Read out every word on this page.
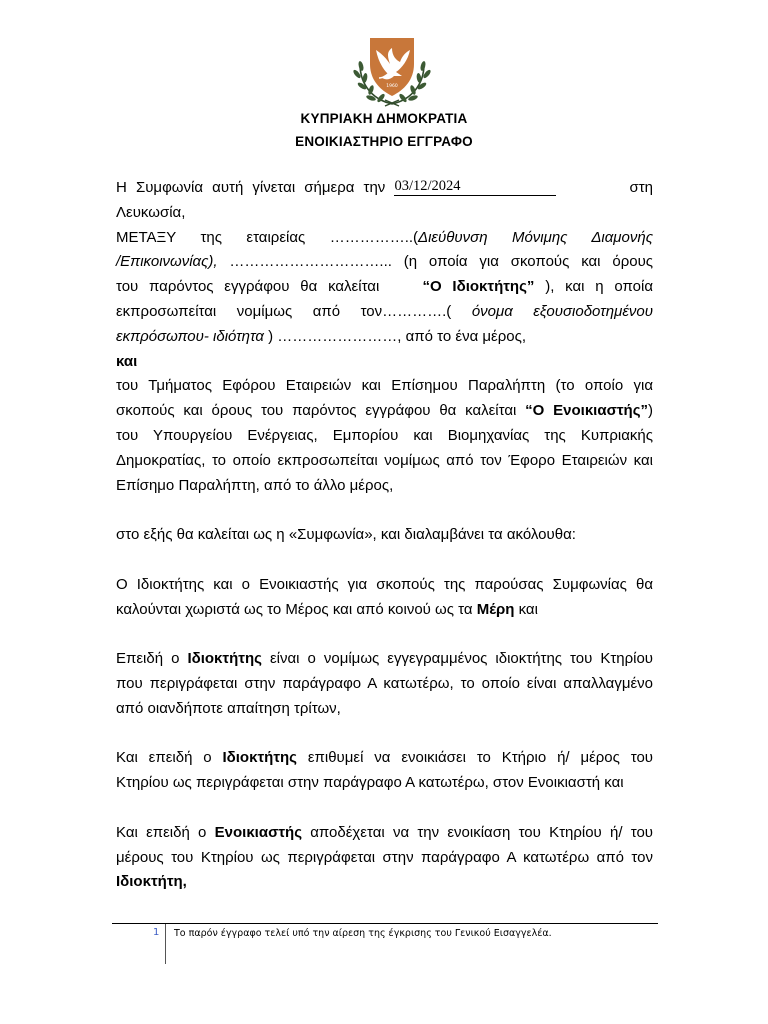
1960
ΚΥΠΡΙΑΚΗ ΔΗΜΟΚΡΑΤΙΑ
ΕΝΟΙΚΙΑΣΤΗΡΙΟ ΕΓΓΡΑΦΟ

Η Συμφωνία αυτή γίνεται σήμερα την 03/12/2024	στη

Λευκωσία,

ΜΕΤΑΞΥ της εταιρείας ……………..(Διεύθυνση Μόνιμης Διαμονής

/Επικοινωνίας), …………………………... (η οποία για σκοπούς και όρους

του παρόντος εγγράφου θα καλείται	“Ο Ιδιοκτήτης” ), και η οποία

εκπροσωπείται νομίμως από τον………….( όνομα εξουσιοδοτημένου

εκπρόσωπου- ιδιότητα ) ……………………, από το ένα μέρος,

και

του Τμήματος Εφόρου Εταιρειών και Επίσημου Παραλήπτη (το οποίο για

σκοπούς και όρους του παρόντος εγγράφου θα καλείται “Ο Ενοικιαστής”)

του Υπουργείου Ενέργειας, Εμπορίου και Βιομηχανίας της Κυπριακής

Δημοκρατίας, το οποίο εκπροσωπείται νομίμως από τον Έφορο Εταιρειών και

Επίσημο Παραλήπτη, από το άλλο μέρος,

στο εξής θα καλείται ως η «Συμφωνία», και διαλαμβάνει τα ακόλουθα:

Ο Ιδιοκτήτης και ο Ενοικιαστής για σκοπούς της παρούσας Συμφωνίας θα

καλούνται χωριστά ως το Μέρος και από κοινού ως τα Μέρη και

Επειδή ο Ιδιοκτήτης είναι ο νομίμως εγγεγραμμένος ιδιοκτήτης του Κτηρίου

που περιγράφεται στην παράγραφο Α κατωτέρω, το οποίο είναι απαλλαγμένο

από οιανδήποτε απαίτηση τρίτων,

Και επειδή ο Ιδιοκτήτης επιθυμεί να ενοικιάσει το Κτήριο ή/ μέρος του

Κτηρίου ως περιγράφεται στην παράγραφο Α κατωτέρω, στον Ενοικιαστή και

Και επειδή ο Ενοικιαστής αποδέχεται να την ενοικίαση του Κτηρίου ή/ του

μέρους του Κτηρίου ως περιγράφεται στην παράγραφο Α κατωτέρω από τον

Ιδιοκτήτη,

1 Το παρόν έγγραφο τελεί υπό την αίρεση της έγκρισης του Γενικού Εισαγγελέα.
